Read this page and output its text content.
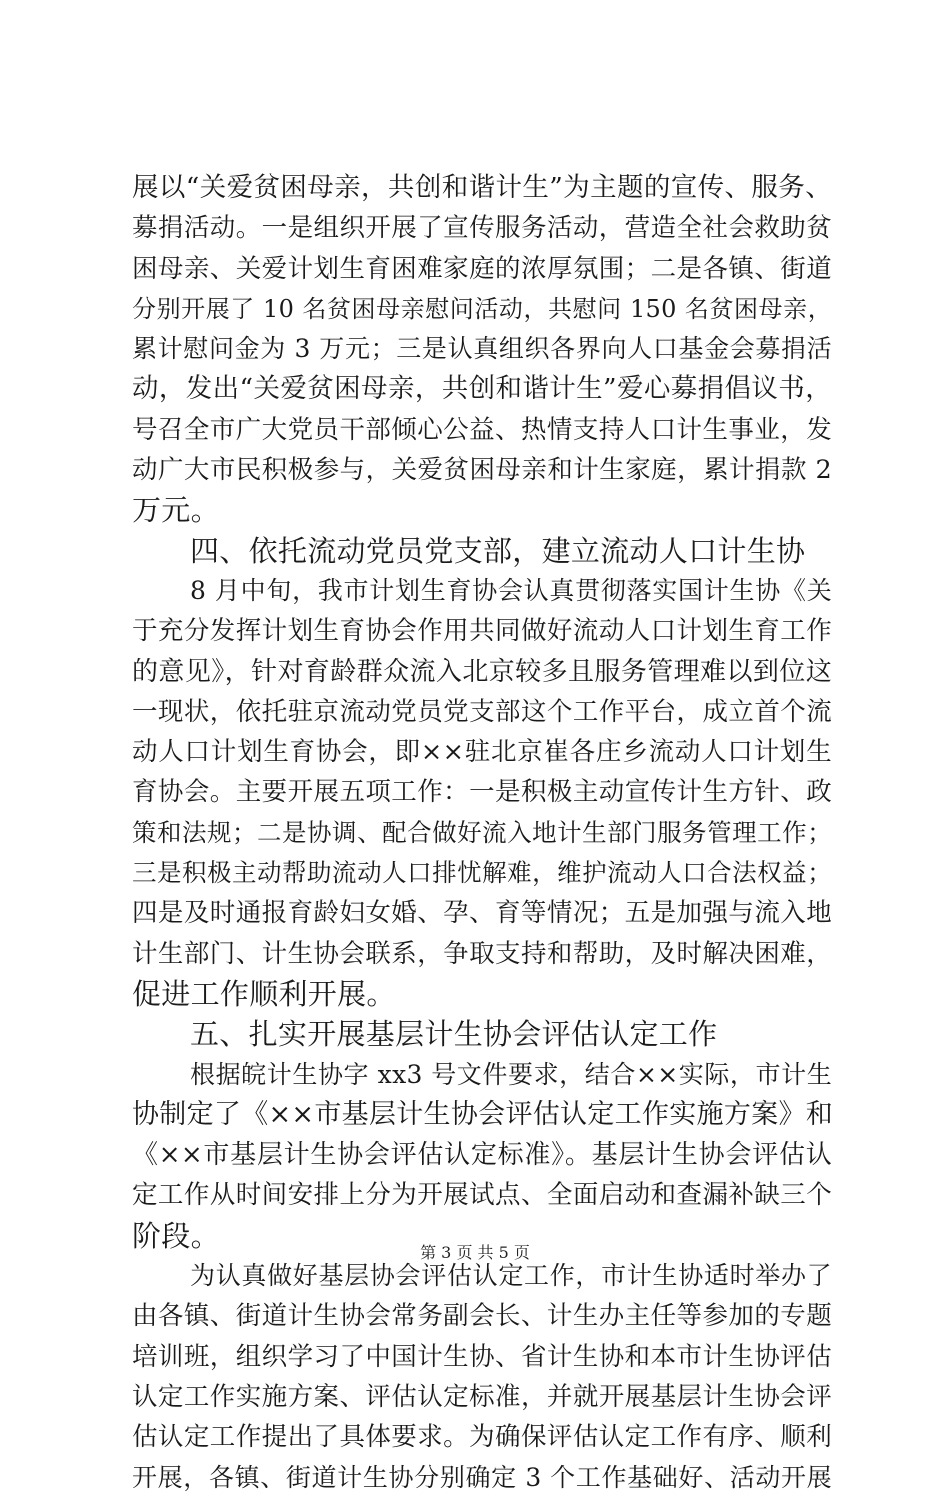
展以“关爱贫困母亲，共创和谐计生”为主题的宣传、服务、
募捐活动。一是组织开展了宣传服务活动，营造全社会救助贫
困母亲、关爱计划生育困难家庭的浓厚氛围；二是各镇、街道
分别开展了 10 名贫困母亲慰问活动，共慰问 150 名贫困母亲，
累计慰问金为 3 万元；三是认真组织各界向人口基金会募捐活
动，发出“关爱贫困母亲，共创和谐计生”爱心募捐倡议书，
号召全市广大党员干部倾心公益、热情支持人口计生事业，发
动广大市民积极参与，关爱贫困母亲和计生家庭，累计捐款 2
万元。
四、依托流动党员党支部，建立流动人口计生协
8 月中旬，我市计划生育协会认真贯彻落实国计生协《关
于充分发挥计划生育协会作用共同做好流动人口计划生育工作
的意见》，针对育龄群众流入北京较多且服务管理难以到位这
一现状，依托驻京流动党员党支部这个工作平台，成立首个流
动人口计划生育协会，即××驻北京崔各庄乡流动人口计划生
育协会。主要开展五项工作：一是积极主动宣传计生方针、政
策和法规；二是协调、配合做好流入地计生部门服务管理工作；
三是积极主动帮助流动人口排忧解难，维护流动人口合法权益；
四是及时通报育龄妇女婚、孕、育等情况；五是加强与流入地
计生部门、计生协会联系，争取支持和帮助，及时解决困难，
促进工作顺利开展。
五、扎实开展基层计生协会评估认定工作
根据皖计生协字 xx3 号文件要求，结合××实际，市计生
协制定了《××市基层计生协会评估认定工作实施方案》和
《××市基层计生协会评估认定标准》。基层计生协会评估认
定工作从时间安排上分为开展试点、全面启动和查漏补缺三个
阶段。
为认真做好基层协会评估认定工作，市计生协适时举办了
由各镇、街道计生协会常务副会长、计生办主任等参加的专题
培训班，组织学习了中国计生协、省计生协和本市计生协评估
认定工作实施方案、评估认定标准，并就开展基层计生协会评
估认定工作提出了具体要求。为确保评估认定工作有序、顺利
开展，各镇、街道计生协分别确定 3 个工作基础好、活动开展
第 3 页 共 5 页
